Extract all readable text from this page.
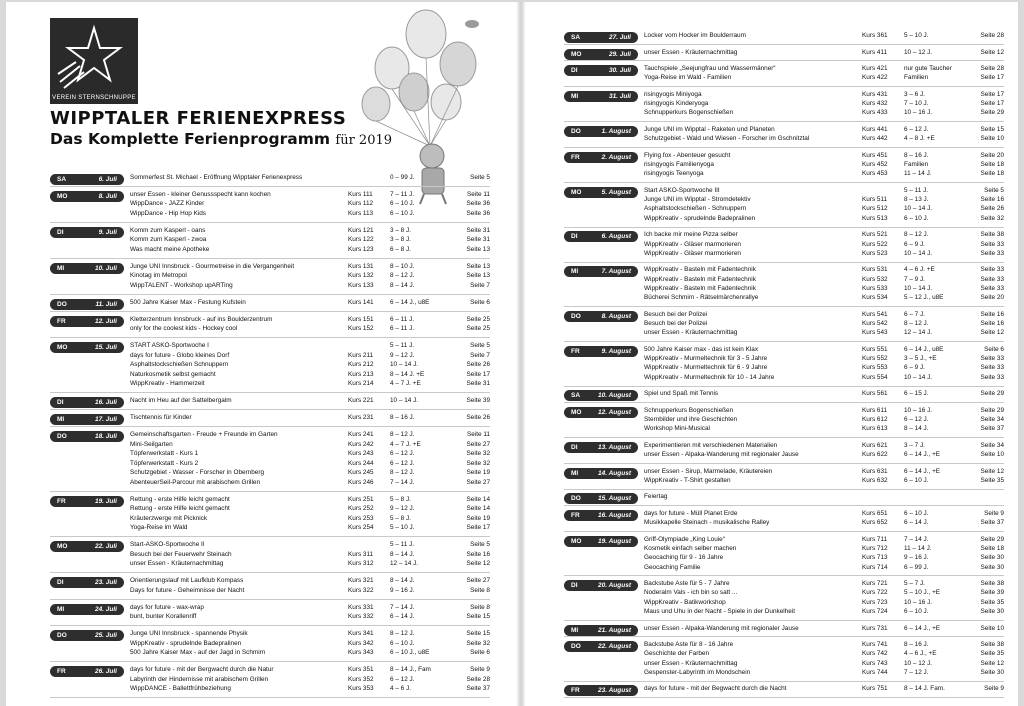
VEREIN STERNSCHNUPPE
WIPPTALER FERIENEXPRESS
Das Komplette Ferienprogramm für 2019
SA	6. Juli Sommerfest St. Michael - Eröffnung Wipptaler Ferienexpress	0 – 99 J.	Seite 5
MO	8. Juli unser Essen - kleiner Genussspecht kann kochen	Kurs 111	7 – 11 J.	Seite 11
WippDance - JAZZ Kinder	Kurs 112	6 – 10 J.	Seite 36
WippDance - Hip Hop Kids	Kurs 113	6 – 10 J.	Seite 36
DI	9. Juli Komm zum Kasperl - oans	Kurs 121	3 – 8 J.	Seite 31
Komm zum Kasperl - zwoa	Kurs 122	3 – 8 J.	Seite 31
Was macht meine Apotheke	Kurs 123	6 – 8 J.	Seite 13
MI	10. Juli Junge UNI Innsbruck - Gourmetreise in die Vergangenheit	Kurs 131	8 – 10 J.	Seite 13
Kinotag im Metropol	Kurs 132	8 – 12 J.	Seite 13
WippTALENT - Workshop upARTing	Kurs 133	8 – 14 J.	Seite 7
DO	11. Juli 500 Jahre Kaiser Max - Festung Kufstein	Kurs 141	6 – 14 J., u8E	Seite 6
FR	12. Juli Kletterzentrum Innsbruck - auf ins Boulderzentrum	Kurs 151	6 – 11 J.	Seite 25
only for the coolest kids - Hockey cool	Kurs 152	6 – 11 J.	Seite 25
MO	15. Juli START ASKÖ-Sportwoche I	5 – 11 J.	Seite 5
days for future - Globo kleines Dorf	Kurs 211	9 – 12 J.	Seite 7
Asphaltstockschießen Schnuppern	Kurs 212	10 – 14 J.	Seite 26
Naturkosmetik selbst gemacht	Kurs 213	8 – 14 J. +E	Seite 17
WippKreativ - Hammerzeit	Kurs 214	4 – 7 J. +E	Seite 31
DI	16. Juli Nacht im Heu auf der Sattelbergalm	Kurs 221	10 – 14 J.	Seite 39
MI	17. Juli Tischtennis für Kinder	Kurs 231	8 – 16 J.	Seite 26
DO	18. Juli Gemeinschaftsgarten - Freude + Freunde im Garten	Kurs 241	8 – 12 J.	Seite 11
Mini-Seilgarten	Kurs 242	4 – 7 J. +E	Seite 27
Töpferwerkstatt - Kurs 1	Kurs 243	6 – 12 J.	Seite 32
Töpferwerkstatt - Kurs 2	Kurs 244	6 – 12 J.	Seite 32
Schutzgebiet - Wasser - Forscher in Obernberg	Kurs 245	8 – 12 J.	Seite 19
AbenteuerSeil-Parcour mit arabischem Grillen	Kurs 246	7 – 14 J.	Seite 27
FR	19. Juli Rettung - erste Hilfe leicht gemacht	Kurs 251	5 – 8 J.	Seite 14
Rettung - erste Hilfe leicht gemacht	Kurs 252	9 – 12 J.	Seite 14
Kräuterzwerge mit Picknick	Kurs 253	5 – 8 J.	Seite 19
Yoga-Reise im Wald	Kurs 254	5 – 10 J.	Seite 17
MO	22. Juli Start-ASKÖ-Sportwoche II	5 – 11 J.	Seite 5
Besuch bei der Feuerwehr Steinach	Kurs 311	8 – 14 J.	Seite 16
unser Essen - Kräuternachmittag	Kurs 312	12 – 14 J.	Seite 12
DI	23. Juli Orientierungslauf mit Laufklub Kompass	Kurs 321	8 – 14 J.	Seite 27
Days for future - Geheimnisse der Nacht	Kurs 322	9 – 16 J.	Seite 8
MI	24. Juli days for future - wax-wrap	Kurs 331	7 – 14 J.	Seite 8
bunt, bunter Korallenriff	Kurs 332	6 – 14 J.	Seite 15
DO	25. Juli Junge UNI Innsbruck - spannende Physik	Kurs 341	8 – 12 J.	Seite 15
WippKreativ - sprudelnde Badepralinen	Kurs 342	6 – 10 J.	Seite 32
500 Jahre Kaiser Max - auf der Jagd in Schmirn	Kurs 343	6 – 10 J., u8E	Seite 6
FR	26. Juli days for future - mit der Bergwacht durch die Natur	Kurs 351	8 – 14 J., Fam	Seite 9
Labyrinth der Hindernisse mit arabischem Grillen	Kurs 352	6 – 12 J.	Seite 28
WippDANCE - Ballettfrühbeziehung	Kurs 353	4 – 6 J.	Seite 37
SA	27. Juli Locker vom Hocker im Boulderraum	Kurs 361	5 – 10 J.	Seite 28
MO	29. Juli unser Essen - Kräuternachmittag	Kurs 411	10 – 12 J.	Seite 12
DI	30. Juli Tauchspiele „Seejungfrau und Wassermänner“	Kurs 421	nur gute Taucher	Seite 28
Yoga-Reise im Wald - Familien	Kurs 422	Familien	Seite 17
MI	31. Juli risingyogis Miniyoga	Kurs 431	3 – 6 J.	Seite 17
risingyogis Kinderyoga	Kurs 432	7 – 10 J.	Seite 17
Schnupperkurs Bogenschießen	Kurs 433	10 – 16 J.	Seite 29
DO	1. August Junge UNI im Wipptal - Raketen und Planeten	Kurs 441	6 – 12 J.	Seite 15
Schutzgebiet - Wald und Wiesen - Forscher im Gschnitztal	Kurs 442	4 – 8 J. +E	Seite 10
FR	2. August Flying fox - Abenteuer gesucht	Kurs 451	8 – 16 J.	Seite 20
risingyogis Familienyoga	Kurs 452	Familien	Seite 18
risingyogis Teenyoga	Kurs 453	11 – 14 J.	Seite 18
MO	5. August Start ASKÖ-Sportwoche III	5 – 11 J.	Seite 5
Junge UNI im Wipptal - Stromdetektiv	Kurs 511	8 – 13 J.	Seite 16
Asphaltstockschießen - Schnuppern	Kurs 512	10 – 14 J.	Seite 26
WippKreativ - sprudelnde Badepralinen	Kurs 513	6 – 10 J.	Seite 32
DI	6. August Ich backe mir meine Pizza selber	Kurs 521	8 – 12 J.	Seite 38
WippKreativ - Gläser marmorieren	Kurs 522	6 – 9 J.	Seite 33
WippKreativ - Gläser marmorieren	Kurs 523	10 – 14 J.	Seite 33
MI	7. August WippKreativ - Basteln mit Fadentechnik	Kurs 531	4 – 6 J. +E	Seite 33
WippKreativ - Basteln mit Fadentechnik	Kurs 532	7 – 9 J.	Seite 33
WippKreativ - Basteln mit Fadentechnik	Kurs 533	10 – 14 J.	Seite 33
Bücherei Schmirn - Rätselmärchenrallye	Kurs 534	5 – 12 J., u8E	Seite 20
DO	8. August Besuch bei der Polizei	Kurs 541	6 – 7 J.	Seite 16
Besuch bei der Polizei	Kurs 542	8 – 12 J.	Seite 16
unser Essen - Kräuternachmittag	Kurs 543	12 – 14 J.	Seite 12
FR	9. August 500 Jahre Kaiser max - das ist kein Klax	Kurs 551	6 – 14 J., u8E	Seite 6
WippKreativ - Murmeltechnik für 3 - 5 Jahre	Kurs 552	3 – 5 J., +E	Seite 33
WippKreativ - Murmeltechnik für 6 - 9 Jahre	Kurs 553	6 – 9 J.	Seite 33
WippKreativ - Murmeltechnik für 10 - 14 Jahre	Kurs 554	10 – 14 J.	Seite 33
SA	10. August Spiel und Spaß mit Tennis	Kurs 561	6 – 15 J.	Seite 29
MO	12. August Schnupperkurs Bogenschießen	Kurs 611	10 – 16 J.	Seite 29
Sternbilder und ihre Geschichten	Kurs 612	6 – 12 J.	Seite 34
Workshop Mini-Musical	Kurs 613	8 – 14 J.	Seite 37
DI	13. August Experimentieren mit verschiedenen Materialien	Kurs 621	3 – 7 J.	Seite 34
unser Essen - Alpaka-Wanderung mit regionaler Jause	Kurs 622	6 – 14 J., +E	Seite 10
MI	14. August unser Essen - Sirup, Marmelade, Kräutereien	Kurs 631	6 – 14 J., +E	Seite 12
WippKreativ - T-Shirt gestalten	Kurs 632	6 – 10 J.	Seite 35
DO	15. August Feiertag
FR	16. August days for future - Müll Planet Erde	Kurs 651	6 – 10 J.	Seite 9
Musikkapelle Steinach - musikalische Ralley	Kurs 652	6 – 14 J.	Seite 37
MO	19. August Griff-Olympiade „King Louie“	Kurs 711	7 – 14 J.	Seite 29
Kosmetik einfach selber machen	Kurs 712	11 – 14 J.	Seite 18
Geocaching für 9 - 16 Jahre	Kurs 713	9 – 16 J.	Seite 30
Geocaching Familie	Kurs 714	6 – 99 J.	Seite 30
DI	20. August Backstube Aste für 5 - 7 Jahre	Kurs 721	5 – 7 J.	Seite 38
Noderalm Vals - ich bin so satt ...	Kurs 722	5 – 10 J., +E	Seite 39
WippKreativ - Batikworkshop	Kurs 723	10 – 16 J.	Seite 35
Maus und Uhu in der Nacht - Spiele in der Dunkelheit	Kurs 724	6 – 10 J.	Seite 30
MI	21. August unser Essen - Alpaka-Wanderung mit regionaler Jause	Kurs 731	6 – 14 J., +E	Seite 10
DO	22. August Backstube Aste für 8 - 16 Jahre	Kurs 741	8 – 16 J.	Seite 38
Geschichte der Farben	Kurs 742	4 – 6 J., +E	Seite 35
unser Essen - Kräuternachmittag	Kurs 743	10 – 12 J.	Seite 12
Gespenster-Labyrinth im Mondschein	Kurs 744	7 – 12 J.	Seite 30
FR	23. August days for future - mit der Begwacht durch die Nacht	Kurs 751	8 – 14 J. Fam.	Seite 9
